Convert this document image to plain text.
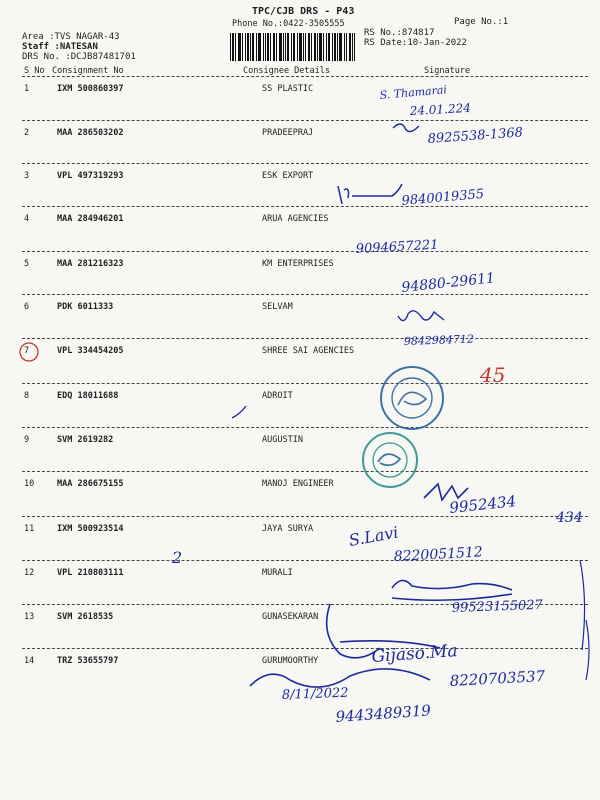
TPC/CJB DRS - P43
Phone No.:0422-3505555	Page No.:1
Area :TVS NAGAR-43
Staff :NATESAN
DRS No. :DCJB87481701
RS No.:874817
RS Date:10-Jan-2022
S No Consignment No	Consignee Details	Signature
1	IXM 500860397	SS PLASTIC
2	MAA 286503202	PRADEEPRAJ
3	VPL 497319293	ESK EXPORT
4	MAA 284946201	ARUA AGENCIES
5	MAA 281216323	KM ENTERPRISES
6	PDK 6011333	SELVAM
7	VPL 334454205	SHREE SAI AGENCIES
8	EDQ 18011688	ADROIT
9	SVM 2619282	AUGUSTIN
10	MAA 286675155	MANOJ ENGINEER
11	IXM 500923514	JAYA SURYA
12	VPL 210803111	MURALI
13	SVM 2618535	GUNASEKARAN
14	TRZ 53655797	GURUMOORTHY
S. Thamarai
24.01.224
8925538-1368
9840019355
9094657221
94880-29611
9842984712
45
9952434
434
S.Lavi
8220051512
2
99523155027
Gijaso.Ma
8220703537
8/11/2022
9443489319
